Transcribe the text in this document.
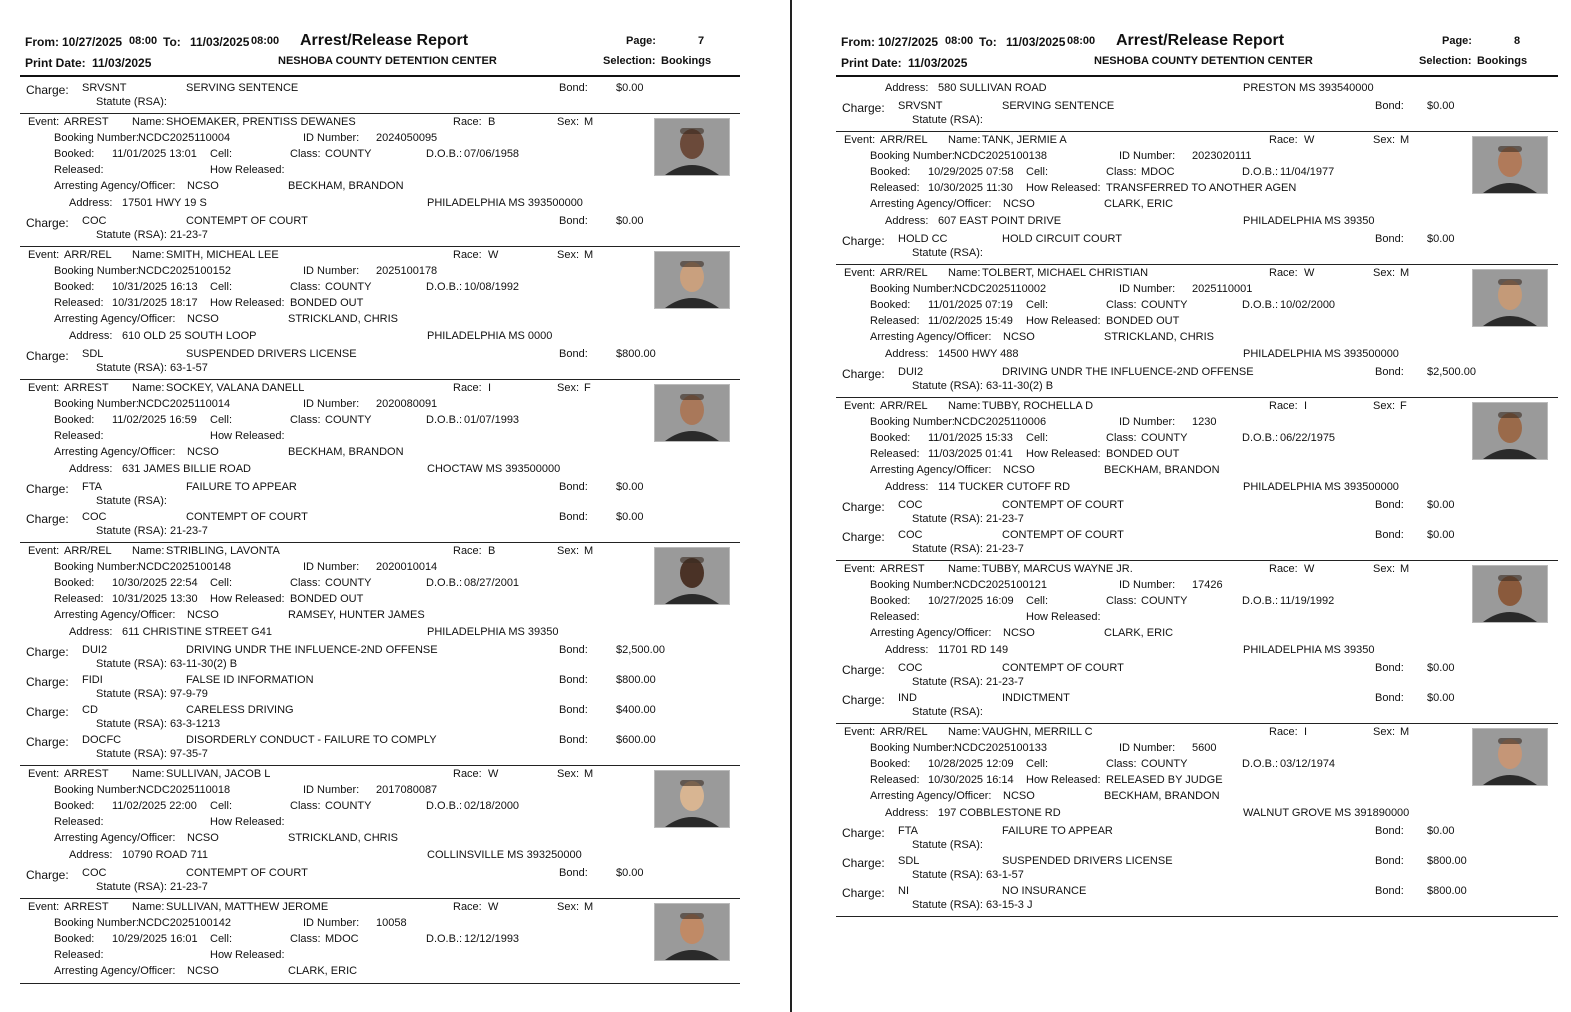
From: 10/27/2025 08:00 To: 11/03/2025 08:00	Page:	7
Print Date: 11/03/2025	Selection: Bookings
Arrest/Release Report
NESHOBA COUNTY DETENTION CENTER
Charge: SRVSNT	SERVING SENTENCE	Bond:	$0.00
Statute (RSA):
Event: ARREST Name: SHOEMAKER, PRENTISS DEWANES	Race: B	Sex: M
Booking Number: NCDC2025110004	ID Number: 2024050095
Booked: 11/01/2025 13:01 Cell:	Class: COUNTY	D.O.B.: 07/06/1958
Released:	How Released:
Arresting Agency/Officer: NCSO	BECKHAM, BRANDON
Address: 17501 HWY 19 S	PHILADELPHIA MS 393500000
Charge: COC	CONTEMPT OF COURT	Bond:	$0.00
Statute (RSA): 21-23-7
Event: ARR/REL Name: SMITH, MICHEAL LEE	Race: W	Sex: M
Booking Number: NCDC2025100152	ID Number: 2025100178
Booked: 10/31/2025 16:13 Cell:	Class: COUNTY	D.O.B.: 10/08/1992
Released: 10/31/2025 18:17 How Released: BONDED OUT
Arresting Agency/Officer: NCSO	STRICKLAND, CHRIS
Address: 610 OLD 25 SOUTH LOOP	PHILADELPHIA MS 0000
Charge: SDL	SUSPENDED DRIVERS LICENSE	Bond:	$800.00
Statute (RSA): 63-1-57
Event: ARREST Name: SOCKEY, VALANA DANELL	Race: I	Sex: F
Booking Number: NCDC2025110014	ID Number: 2020080091
Booked: 11/02/2025 16:59 Cell:	Class: COUNTY	D.O.B.: 01/07/1993
Released:	How Released:
Arresting Agency/Officer: NCSO	BECKHAM, BRANDON
Address: 631 JAMES BILLIE ROAD	CHOCTAW MS 393500000
Charge: FTA	FAILURE TO APPEAR	Bond:	$0.00
Statute (RSA):
Charge: COC	CONTEMPT OF COURT	Bond:	$0.00
Statute (RSA): 21-23-7
Event: ARR/REL Name: STRIBLING, LAVONTA	Race: B	Sex: M
Booking Number: NCDC2025100148	ID Number: 2020010014
Booked: 10/30/2025 22:54 Cell:	Class: COUNTY	D.O.B.: 08/27/2001
Released: 10/31/2025 13:30 How Released: BONDED OUT
Arresting Agency/Officer: NCSO	RAMSEY, HUNTER JAMES
Address: 611 CHRISTINE STREET G41	PHILADELPHIA MS 39350
Charge: DUI2	DRIVING UNDR THE INFLUENCE-2ND OFFENSE	Bond:	$2,500.00
Statute (RSA): 63-11-30(2) B
Charge: FIDI	FALSE ID INFORMATION	Bond:	$800.00
Statute (RSA): 97-9-79
Charge: CD	CARELESS DRIVING	Bond:	$400.00
Statute (RSA): 63-3-1213
Charge: DOCFC	DISORDERLY CONDUCT - FAILURE TO COMPLY	Bond:	$600.00
Statute (RSA): 97-35-7
Event: ARREST Name: SULLIVAN, JACOB L	Race: W	Sex: M
Booking Number: NCDC2025110018	ID Number: 2017080087
Booked: 11/02/2025 22:00 Cell:	Class: COUNTY	D.O.B.: 02/18/2000
Released:	How Released:
Arresting Agency/Officer: NCSO	STRICKLAND, CHRIS
Address: 10790 ROAD 711	COLLINSVILLE MS 393250000
Charge: COC	CONTEMPT OF COURT	Bond:	$0.00
Statute (RSA): 21-23-7
Event: ARREST Name: SULLIVAN, MATTHEW JEROME	Race: W	Sex: M
Booking Number: NCDC2025100142	ID Number: 10058
Booked: 10/29/2025 16:01 Cell:	Class: MDOC	D.O.B.: 12/12/1993
Released:	How Released:
Arresting Agency/Officer: NCSO	CLARK, ERIC
From: 10/27/2025 08:00 To: 11/03/2025 08:00	Page:	8
Print Date: 11/03/2025	Selection: Bookings
Arrest/Release Report
NESHOBA COUNTY DETENTION CENTER
Address: 580 SULLIVAN ROAD	PRESTON MS 393540000
Charge: SRVSNT	SERVING SENTENCE	Bond: $0.00
Statute (RSA):
Event: ARR/REL Name: TANK, JERMIE A	Race: W	Sex: M
Booking Number: NCDC2025100138	ID Number: 2023020111
Booked: 10/29/2025 07:58 Cell:	Class: MDOC	D.O.B.: 11/04/1977
Released: 10/30/2025 11:30 How Released: TRANSFERRED TO ANOTHER AGEN
Arresting Agency/Officer: NCSO	CLARK, ERIC
Address: 607 EAST POINT DRIVE	PHILADELPHIA MS 39350
Charge: HOLD CC	HOLD CIRCUIT COURT	Bond: $0.00
Statute (RSA):
Event: ARR/REL Name: TOLBERT, MICHAEL CHRISTIAN	Race: W	Sex: M
Booking Number: NCDC2025110002	ID Number: 2025110001
Booked: 11/01/2025 07:19 Cell:	Class: COUNTY	D.O.B.: 10/02/2000
Released: 11/02/2025 15:49 How Released: BONDED OUT
Arresting Agency/Officer: NCSO	STRICKLAND, CHRIS
Address: 14500 HWY 488	PHILADELPHIA MS 393500000
Charge: DUI2	DRIVING UNDR THE INFLUENCE-2ND OFFENSE	Bond: $2,500.00
Statute (RSA): 63-11-30(2) B
Event: ARR/REL Name: TUBBY, ROCHELLA D	Race: I	Sex: F
Booking Number: NCDC2025110006	ID Number: 1230
Booked: 11/01/2025 15:33 Cell:	Class: COUNTY	D.O.B.: 06/22/1975
Released: 11/03/2025 01:41 How Released: BONDED OUT
Arresting Agency/Officer: NCSO	BECKHAM, BRANDON
Address: 114 TUCKER CUTOFF RD	PHILADELPHIA MS 393500000
Charge: COC	CONTEMPT OF COURT	Bond: $0.00
Statute (RSA): 21-23-7
Charge: COC	CONTEMPT OF COURT	Bond: $0.00
Statute (RSA): 21-23-7
Event: ARREST Name: TUBBY, MARCUS WAYNE JR.	Race: W	Sex: M
Booking Number: NCDC2025100121	ID Number: 17426
Booked: 10/27/2025 16:09 Cell:	Class: COUNTY	D.O.B.: 11/19/1992
Released:	How Released:
Arresting Agency/Officer: NCSO	CLARK, ERIC
Address: 11701 RD 149	PHILADELPHIA MS 39350
Charge: COC	CONTEMPT OF COURT	Bond: $0.00
Statute (RSA): 21-23-7
Charge: IND	INDICTMENT	Bond: $0.00
Statute (RSA):
Event: ARR/REL Name: VAUGHN, MERRILL C	Race: I	Sex: M
Booking Number: NCDC2025100133	ID Number: 5600
Booked: 10/28/2025 12:09 Cell:	Class: COUNTY	D.O.B.: 03/12/1974
Released: 10/30/2025 16:14 How Released: RELEASED BY JUDGE
Arresting Agency/Officer: NCSO	BECKHAM, BRANDON
Address: 197 COBBLESTONE RD	WALNUT GROVE MS 391890000
Charge: FTA	FAILURE TO APPEAR	Bond: $0.00
Statute (RSA):
Charge: SDL	SUSPENDED DRIVERS LICENSE	Bond: $800.00
Statute (RSA): 63-1-57
Charge: NI	NO INSURANCE	Bond: $800.00
Statute (RSA): 63-15-3 J
